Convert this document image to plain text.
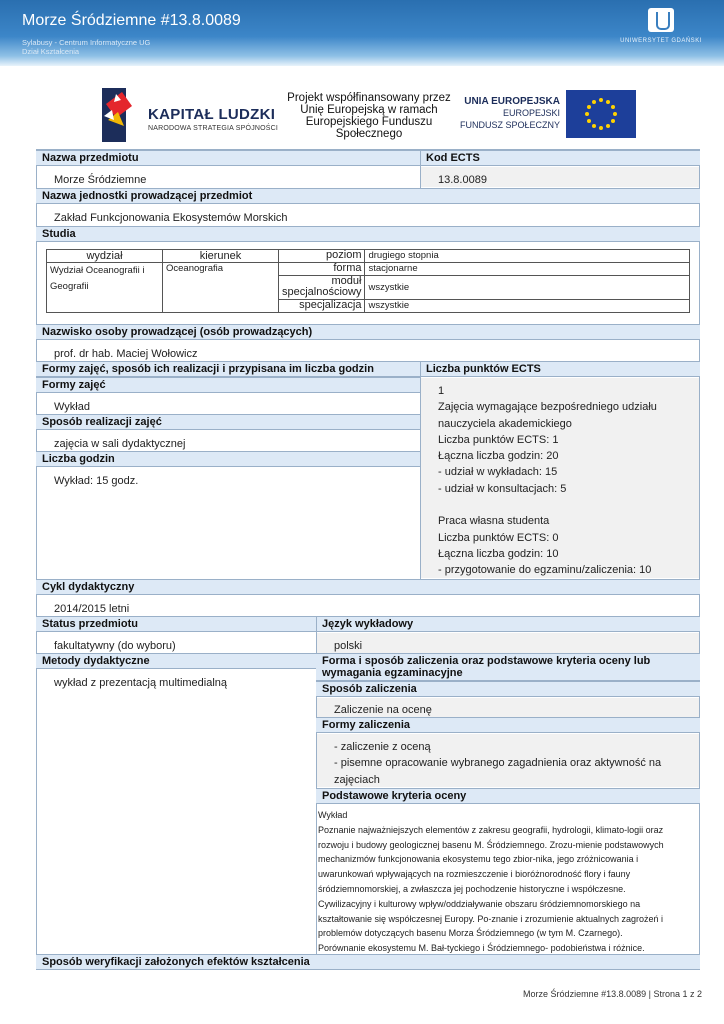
Morze Śródziemne #13.8.0089
Sylabusy - Centrum Informatyczne UG
Dział Kształcenia
UNIWERSYTET GDAŃSKI
KAPITAŁ LUDZKI
NARODOWA STRATEGIA SPÓJNOŚCI
Projekt współfinansowany przez
Unię Europejską w ramach
Europejskiego Funduszu
Społecznego
UNIA EUROPEJSKA
EUROPEJSKI
FUNDUSZ SPOŁECZNY
Nazwa przedmiotu	Kod ECTS
Morze Śródziemne	13.8.0089
Nazwa jednostki prowadzącej przedmiot
Zakład Funkcjonowania Ekosystemów Morskich
Studia
wydział	kierunek	poziom	drugiego stopnia

Wydział Oceanografii i
Geografii	Oceanografia	forma	stacjonarne

		moduł
specjalnościowy	wszystkie
		specjalizacja	wszystkie
Nazwisko osoby prowadzącej (osób prowadzących)
prof. dr hab. Maciej Wołowicz
Formy zajęć, sposób ich realizacji i przypisana im liczba godzin	Liczba punktów ECTS
Formy zajęć
Wykład
Sposób realizacji zajęć
zajęcia w sali dydaktycznej
Liczba godzin
Wykład: 15 godz.
1
Zajęcia wymagające bezpośredniego udziału
nauczyciela akademickiego
Liczba punktów ECTS: 1
Łączna liczba godzin: 20
- udział w wykładach: 15
- udział w konsultacjach: 5
Praca własna studenta
Liczba punktów ECTS: 0
Łączna liczba godzin: 10
- przygotowanie do egzaminu/zaliczenia: 10
Cykl dydaktyczny
2014/2015 letni
Status przedmiotu	Język wykładowy
fakultatywny (do wyboru)	polski
Metody dydaktyczne
wykład z prezentacją multimedialną
Forma i sposób zaliczenia oraz podstawowe kryteria oceny lub
wymagania egzaminacyjne
Sposób zaliczenia
Zaliczenie na ocenę
Formy zaliczenia
- zaliczenie z oceną
- pisemne opracowanie wybranego zagadnienia oraz aktywność na
zajęciach
Podstawowe kryteria oceny
Wykład
Poznanie najważniejszych elementów z zakresu geografii, hydrologii, klimato-logii oraz
rozwoju i budowy geologicznej basenu M. Śródziemnego. Zrozu-mienie podstawowych
mechanizmów funkcjonowania ekosystemu tego zbior-nika, jego zróżnicowania i
uwarunkowań wpływających na rozmieszczenie i bioróżnorodność flory i fauny
śródziemnomorskiej, a zwłaszcza jej pochodzenie historyczne i współczesne.
Cywilizacyjny i kulturowy wpływ/oddziaływanie obszaru śródziemnomorskiego na
kształtowanie się współczesnej Europy. Po-znanie i zrozumienie aktualnych zagrożeń i
problemów dotyczących basenu Morza Śródziemnego (w tym M. Czarnego).
Porównanie ekosystemu M. Bał-tyckiego i Śródziemnego- podobieństwa i różnice.
Sposób weryfikacji założonych efektów kształcenia
Morze Śródziemne #13.8.0089 | Strona 1 z 2
